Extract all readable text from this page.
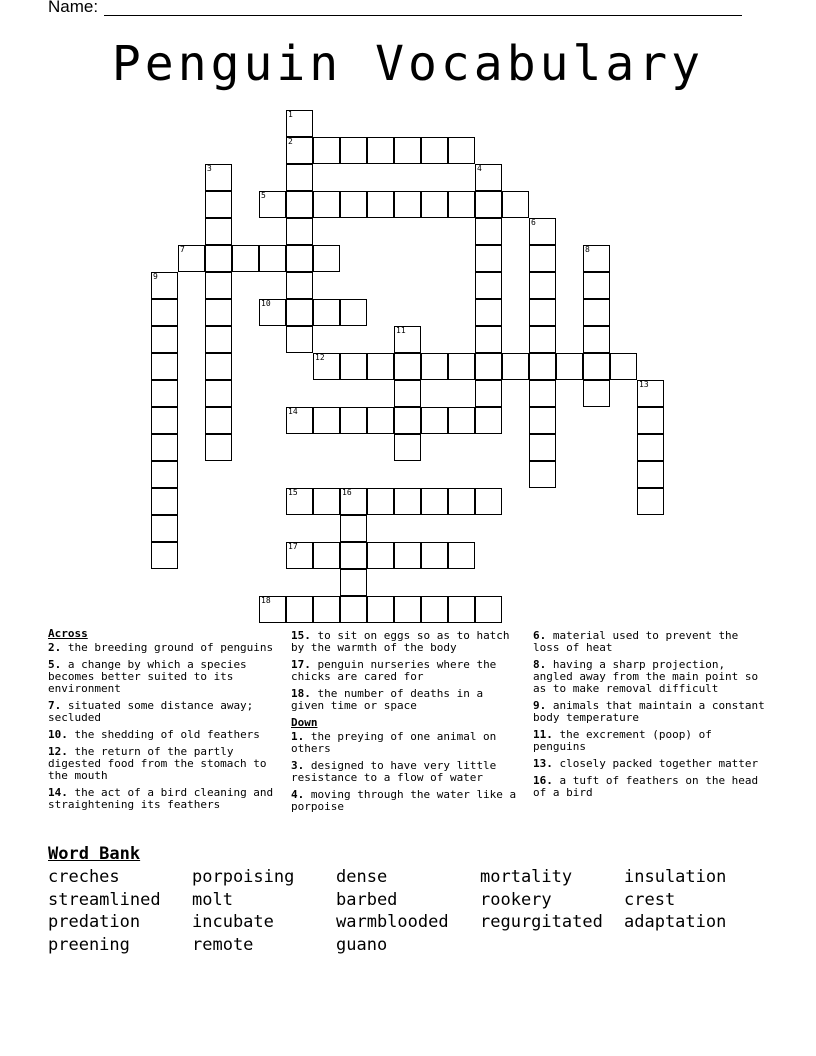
Name:
Penguin Vocabulary
2
5
7
10
12
14
15	16
17
18
1
3	4
6
8
9
11
13
Across
2. the breeding ground of penguins
5. a change by which a species becomes better suited to its environment
7. situated some distance away; secluded
10. the shedding of old feathers
12. the return of the partly digested food from the stomach to the mouth
14. the act of a bird cleaning and straightening its feathers
15. to sit on eggs so as to hatch by the warmth of the body
17. penguin nurseries where the chicks are cared for
18. the number of deaths in a given time or space
Down
1. the preying of one animal on others
3. designed to have very little resistance to a flow of water
4. moving through the water like a porpoise
6. material used to prevent the loss of heat
8. having a sharp projection, angled away from the main point so as to make removal difficult
9. animals that maintain a constant body temperature
11. the excrement (poop) of penguins
13. closely packed together matter
16. a tuft of feathers on the head of a bird
Word Bank
creches	porpoising	dense	mortality	insulation
streamlined	molt	barbed	rookery	crest
predation	incubate	warmblooded	regurgitated	adaptation
preening	remote	guano
